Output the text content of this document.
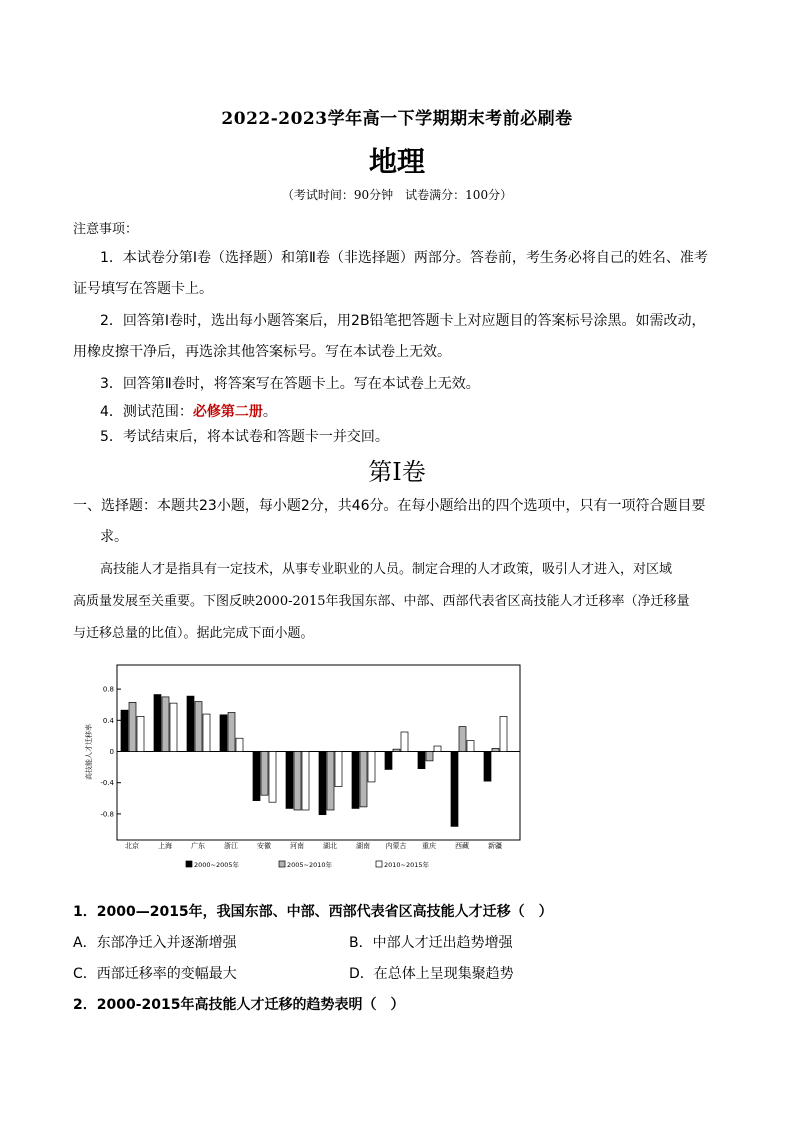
2022-2023学年高一下学期期末考前必刷卷
地理
（考试时间：90分钟　试卷满分：100分）
注意事项：
1．本试卷分第Ⅰ卷（选择题）和第Ⅱ卷（非选择题）两部分。答卷前，考生务必将自己的姓名、准考
证号填写在答题卡上。
2．回答第Ⅰ卷时，选出每小题答案后，用2B铅笔把答题卡上对应题目的答案标号涂黑。如需改动，
用橡皮擦干净后，再选涂其他答案标号。写在本试卷上无效。
3．回答第Ⅱ卷时，将答案写在答题卡上。写在本试卷上无效。
4．测试范围：必修第二册。
5．考试结束后，将本试卷和答题卡一并交回。
第Ⅰ卷
一、选择题：本题共23小题，每小题2分，共46分。在每小题给出的四个选项中，只有一项符合题目要
求。
高技能人才是指具有一定技术，从事专业职业的人员。制定合理的人才政策，吸引人才进入，对区域
高质量发展至关重要。下图反映2000-2015年我国东部、中部、西部代表省区高技能人才迁移率（净迁移量
与迁移总量的比值）。据此完成下面小题。
0.8
0.4
0
-0.4
-0.8
北京	上海	广东	浙江	安徽	河南	湖北	湖南 内蒙古 重庆	西藏	新疆
2000~2005年	2005~2010年	2010~2015年
高技能人才迁移率
1．2000—2015年，我国东部、中部、西部代表省区高技能人才迁移（　）
A．东部净迁入并逐渐增强	B．中部人才迁出趋势增强
C．西部迁移率的变幅最大	D．在总体上呈现集聚趋势
2．2000-2015年高技能人才迁移的趋势表明（　）
